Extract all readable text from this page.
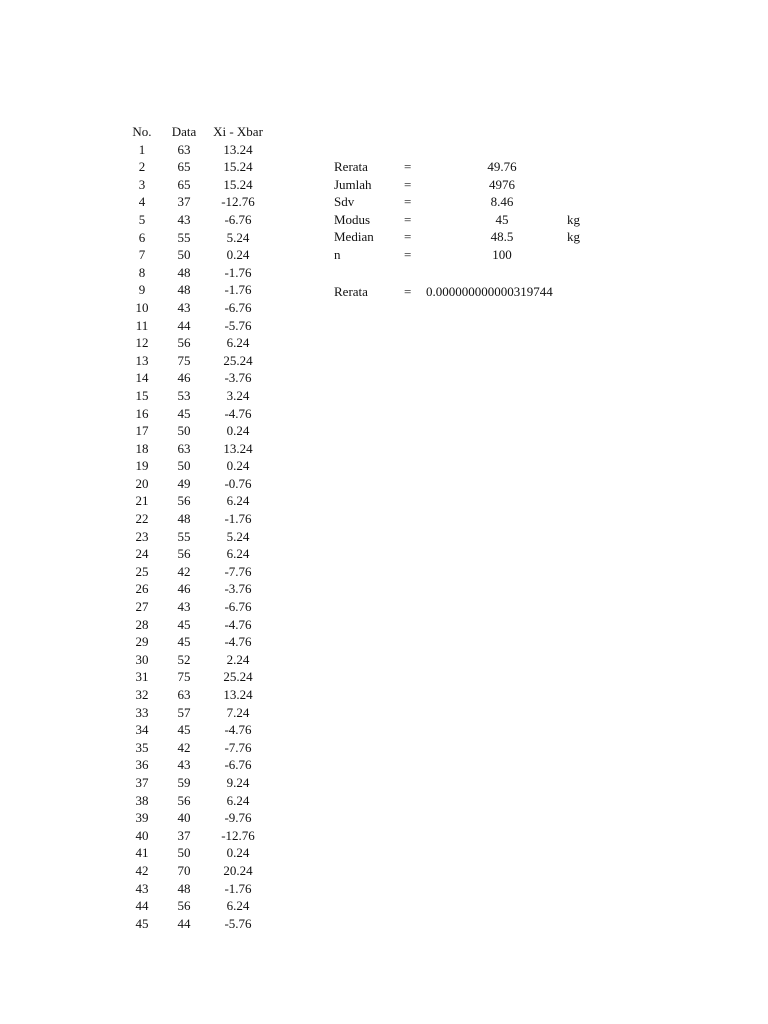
No.	Data	Xi - Xbar
1	63	13.24
2	65	15.24
3	65	15.24
4	37	-12.76
5	43	-6.76
6	55	5.24
7	50	0.24
8	48	-1.76
9	48	-1.76
10	43	-6.76
11	44	-5.76
12	56	6.24
13	75	25.24
14	46	-3.76
15	53	3.24
16	45	-4.76
17	50	0.24
18	63	13.24
19	50	0.24
20	49	-0.76
21	56	6.24
22	48	-1.76
23	55	5.24
24	56	6.24
25	42	-7.76
26	46	-3.76
27	43	-6.76
28	45	-4.76
29	45	-4.76
30	52	2.24
31	75	25.24
32	63	13.24
33	57	7.24
34	45	-4.76
35	42	-7.76
36	43	-6.76
37	59	9.24
38	56	6.24
39	40	-9.76
40	37	-12.76
41	50	0.24
42	70	20.24
43	48	-1.76
44	56	6.24
45	44	-5.76
Rerata	=	49.76
Jumlah =	4976
Sdv	=	8.46
Modus	=	45	kg
Median =	48.5	kg
n	=	100
Rerata	= 0.000000000000319744
